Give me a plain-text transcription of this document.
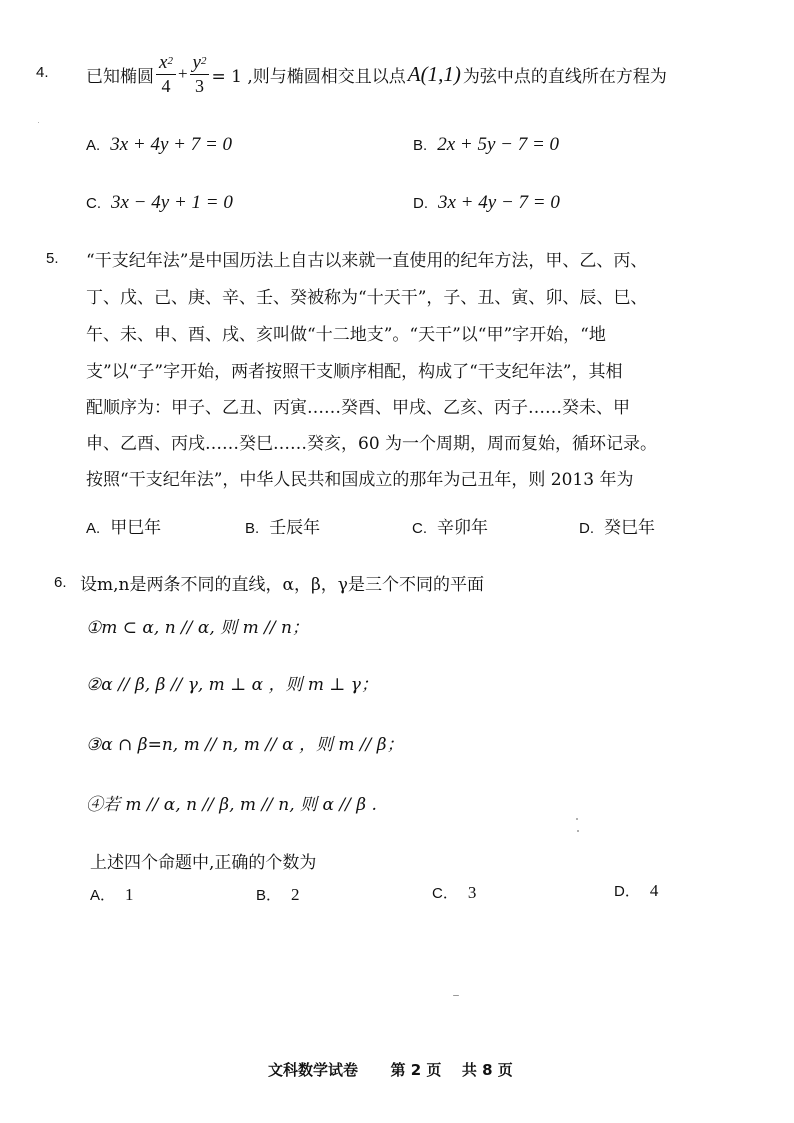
4. 已知椭圆 $\frac{x^2}{4} + \frac{y^2}{3} = 1$ ,则与椭圆相交且以点 A(1,1) 为弦中点的直线所在方程为
A. 3x + 4y + 7 = 0	B. 2x + 5y − 7 = 0
C. 3x − 4y + 1 = 0	D. 3x + 4y − 7 = 0
5. “干支纪年法”是中国历法上自古以来就一直使用的纪年方法，甲、乙、丙、
丁、戊、己、庚、辛、壬、癸被称为“十天干”，子、丑、寅、卯、辰、巳、
午、未、申、酉、戌、亥叫做“十二地支”。“天干”以“甲”字开始，“地
支”以“子”字开始，两者按照干支顺序相配，构成了“干支纪年法”，其相
配顺序为：甲子、乙丑、丙寅……癸酉、甲戌、乙亥、丙子……癸未、甲
申、乙酉、丙戌……癸巳……癸亥，60 为一个周期，周而复始，循环记录。
按照“干支纪年法”，中华人民共和国成立的那年为己丑年，则 2013 年为
A. 甲巳年	B. 壬辰年	C. 辛卯年	D. 癸巳年
6. 设m,n是两条不同的直线，α，β，γ是三个不同的平面
①m ⊂ α, n // α, 则 m // n；
②α // β, β // γ, m ⊥ α ，则 m ⊥ γ；
③α ∩ β=n, m // n, m // α ，则 m // β；
④若 m // α, n // β, m // n, 则 α // β .
上述四个命题中,正确的个数为
A． 1	B． 2	C． 3	D． 4
文科数学试卷 第 2 页 共 8 页
